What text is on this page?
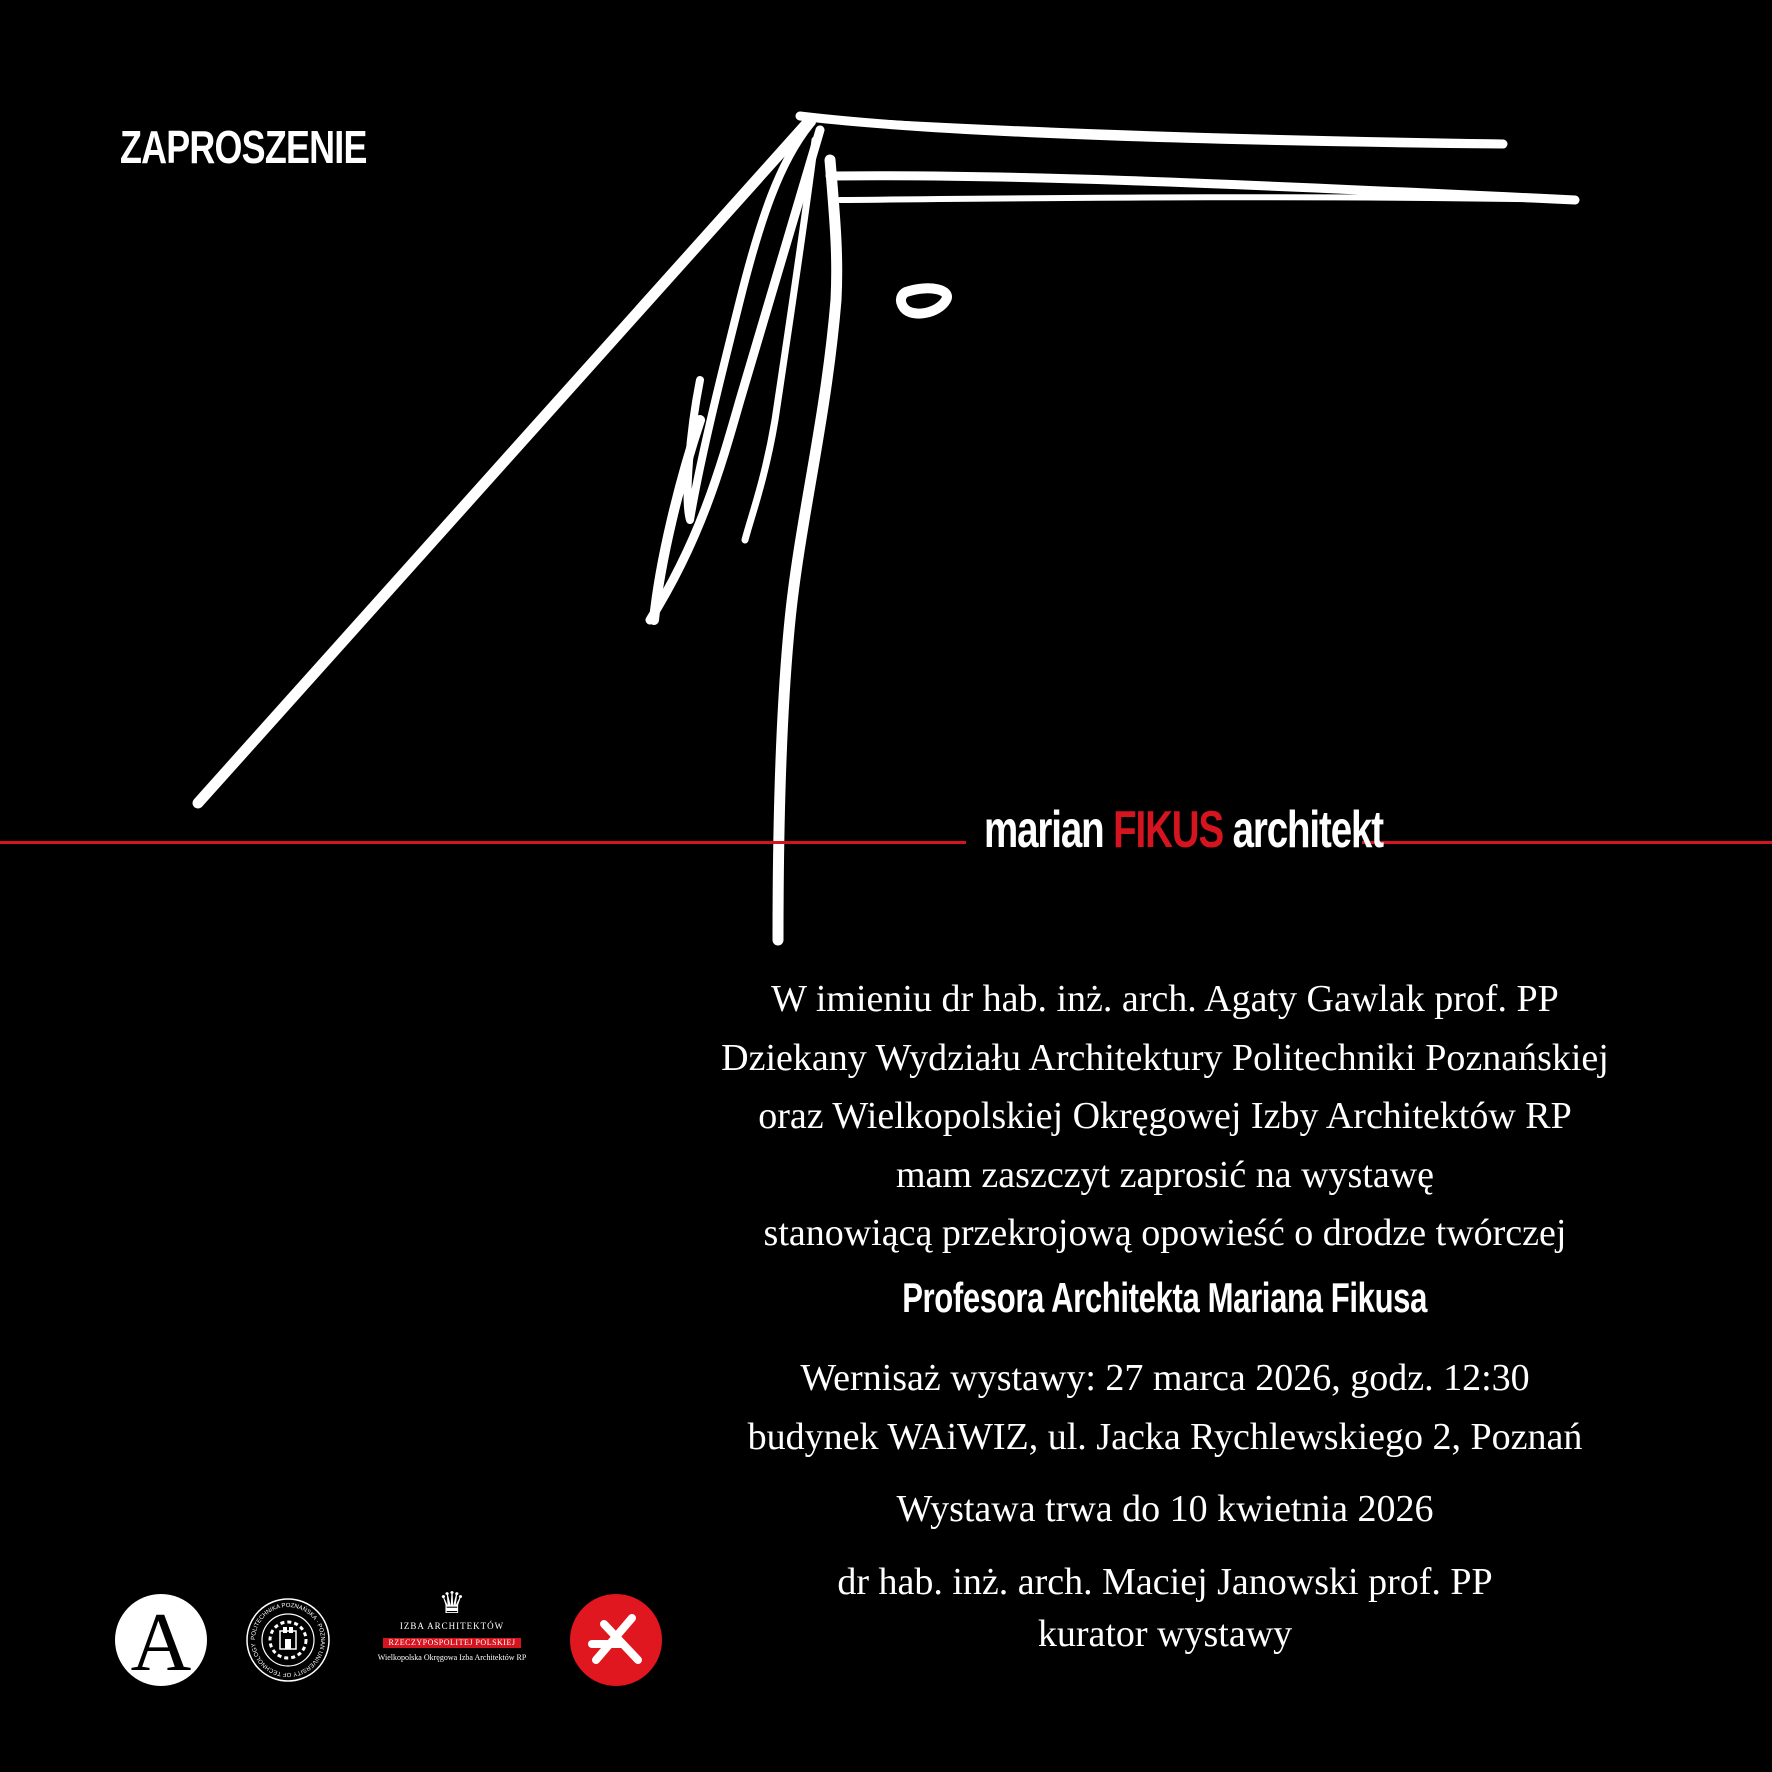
ZAPROSZENIE
marian FIKUS architekt

W imieniu dr hab. inż. arch. Agaty Gawlak prof. PP

Dziekany Wydziału Architektury Politechniki Poznańskiej

oraz Wielkopolskiej Okręgowej Izby Architektów RP

mam zaszczyt zaprosić na wystawę

stanowiącą przekrojową opowieść o drodze twórczej

Profesora Architekta Mariana Fikusa

Wernisaż wystawy: 27 marca 2026, godz. 12:30

budynek WAiWIZ, ul. Jacka Rychlewskiego 2, Poznań

Wystawa trwa do 10 kwietnia 2026

dr hab. inż. arch. Maciej Janowski prof. PP

kurator wystawy

A	POLITECHNIKA POZNAŃSKA · POZNAN UNIVERSITY OF TECHNOLOGY
♛
IZBA ARCHITEKTÓW
RZECZYPOSPOLITEJ POLSKIEJ
Wielkopolska Okręgowa Izba Architektów RP
